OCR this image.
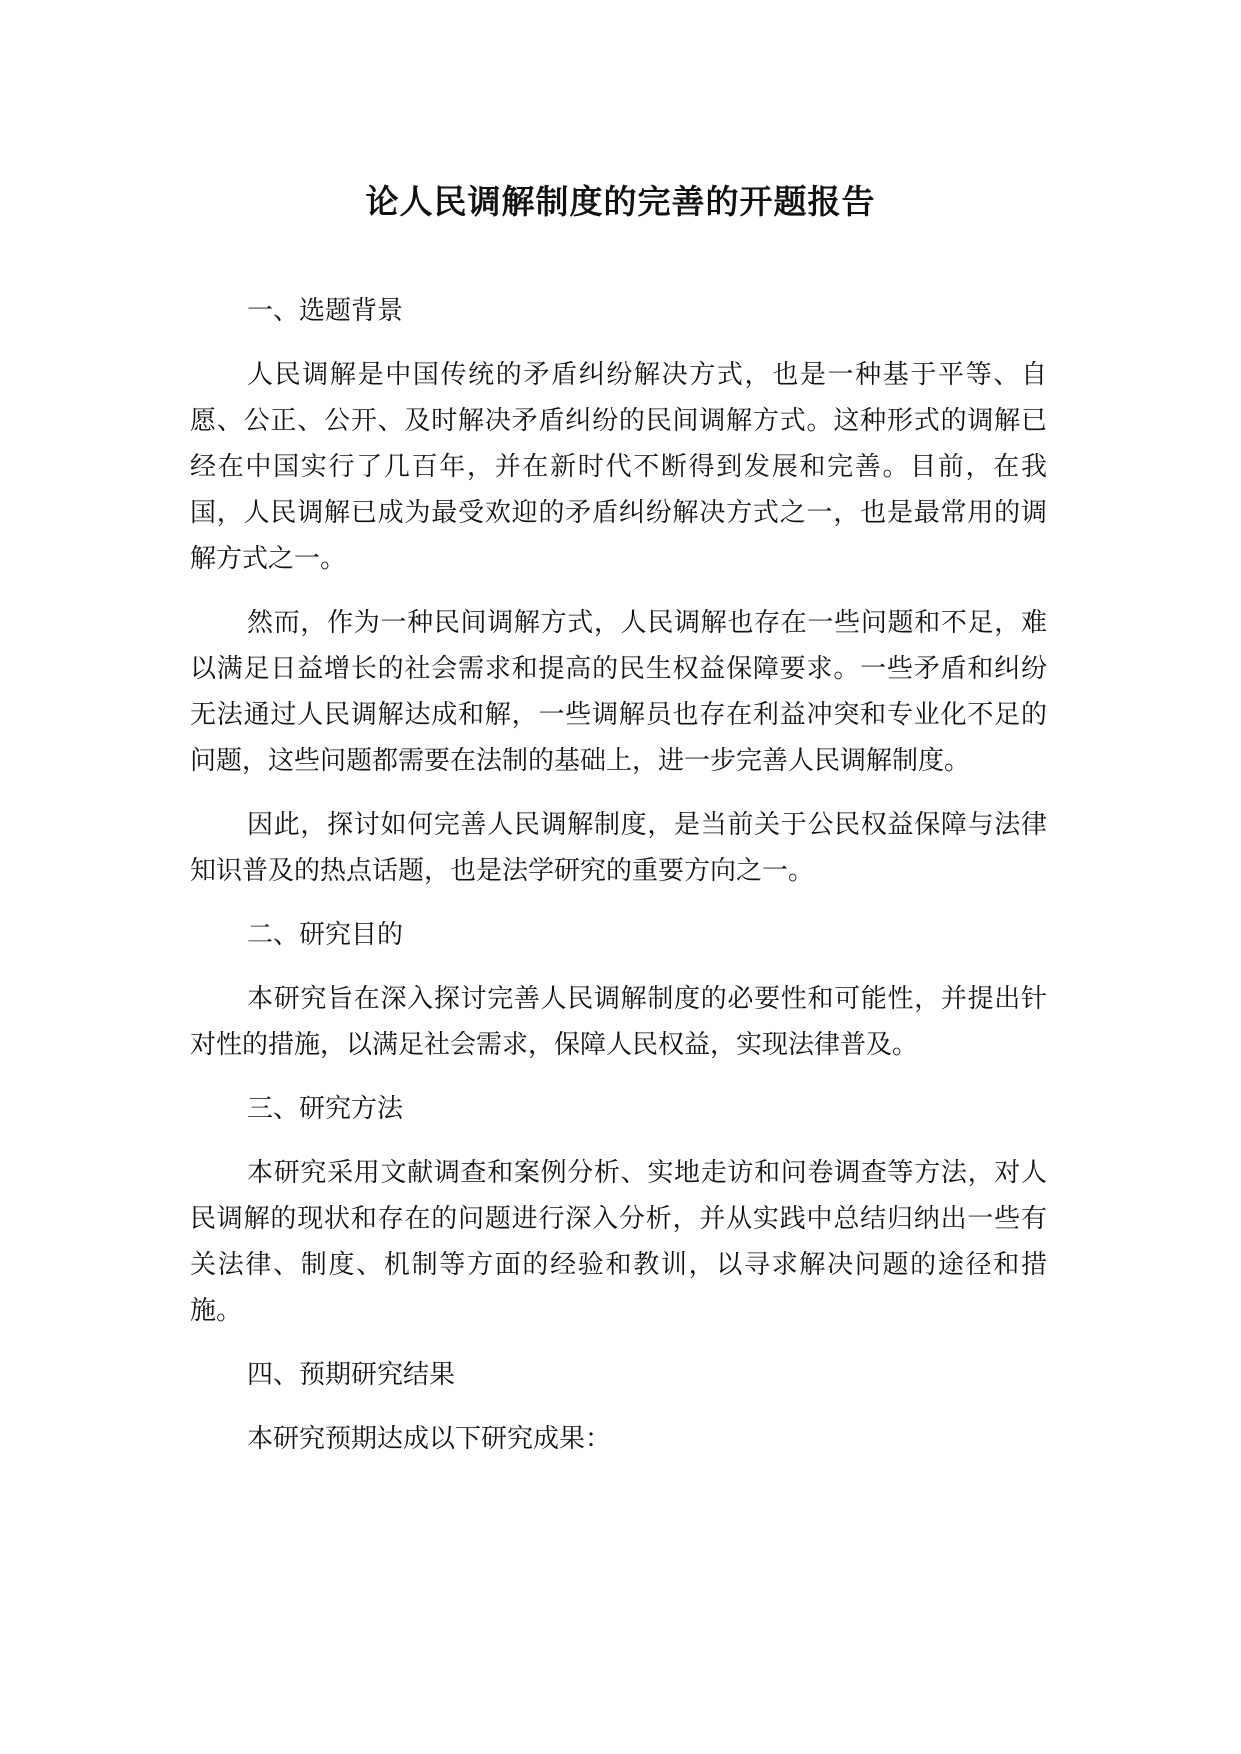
论人民调解制度的完善的开题报告

一、选题背景

人民调解是中国传统的矛盾纠纷解决方式，也是一种基于平等、自愿、公正、公开、及时解决矛盾纠纷的民间调解方式。这种形式的调解已经在中国实行了几百年，并在新时代不断得到发展和完善。目前，在我国，人民调解已成为最受欢迎的矛盾纠纷解决方式之一，也是最常用的调解方式之一。

然而，作为一种民间调解方式，人民调解也存在一些问题和不足，难以满足日益增长的社会需求和提高的民生权益保障要求。一些矛盾和纠纷无法通过人民调解达成和解，一些调解员也存在利益冲突和专业化不足的问题，这些问题都需要在法制的基础上，进一步完善人民调解制度。

因此，探讨如何完善人民调解制度，是当前关于公民权益保障与法律知识普及的热点话题，也是法学研究的重要方向之一。

二、研究目的

本研究旨在深入探讨完善人民调解制度的必要性和可能性，并提出针对性的措施，以满足社会需求，保障人民权益，实现法律普及。

三、研究方法

本研究采用文献调查和案例分析、实地走访和问卷调查等方法，对人民调解的现状和存在的问题进行深入分析，并从实践中总结归纳出一些有关法律、制度、机制等方面的经验和教训，以寻求解决问题的途径和措施。

四、预期研究结果

本研究预期达成以下研究成果：
